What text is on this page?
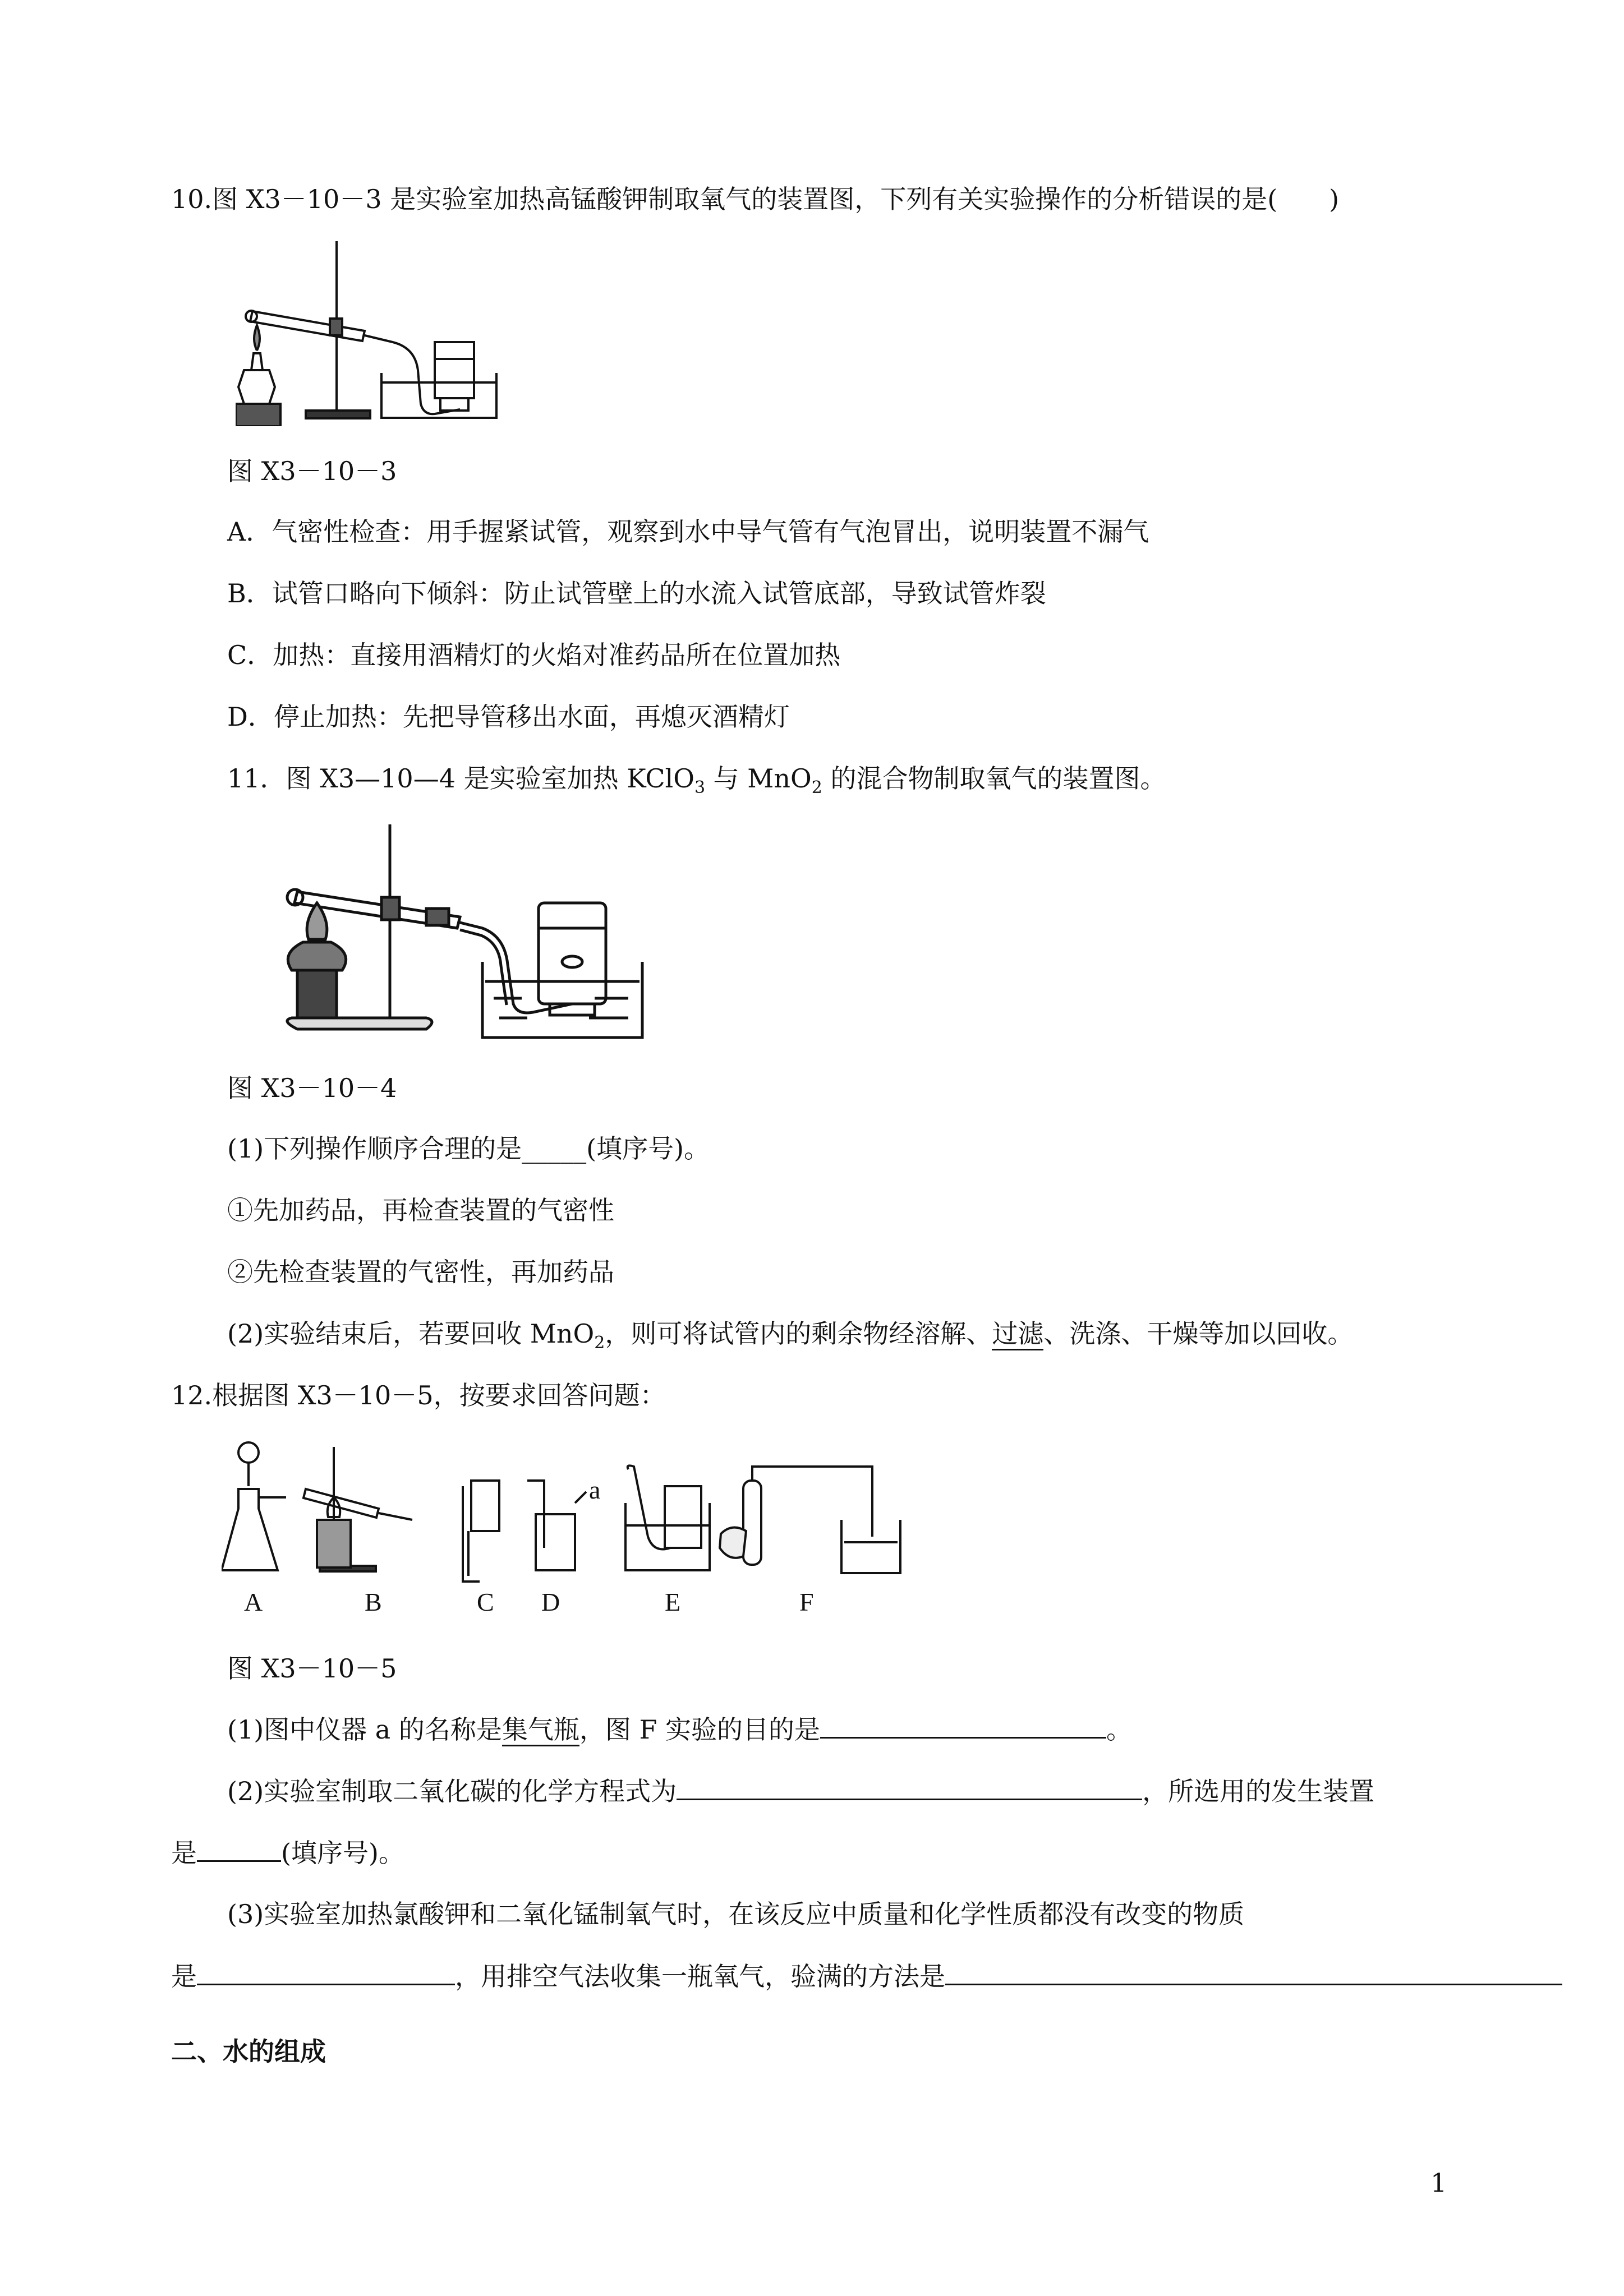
10.图 X3－10－3 是实验室加热高锰酸钾制取氧气的装置图，下列有关实验操作的分析错误的是(　　)
图 X3－10－3
A．气密性检查：用手握紧试管，观察到水中导气管有气泡冒出，说明装置不漏气
B．试管口略向下倾斜：防止试管壁上的水流入试管底部，导致试管炸裂
C．加热：直接用酒精灯的火焰对准药品所在位置加热
D．停止加热：先把导管移出水面，再熄灭酒精灯
11．图 X3—10—4 是实验室加热 KClO$_3$ 与 MnO$_2$ 的混合物制取氧气的装置图。
图 X3－10－4
(1)下列操作顺序合理的是_____(填序号)。
①先加药品，再检查装置的气密性
②先检查装置的气密性，再加药品
(2)实验结束后，若要回收 MnO$_2$，则可将试管内的剩余物经溶解、过滤、洗涤、干燥等加以回收。
12.根据图 X3－10－5，按要求回答问题：
A	B	C D	E	F
a
图 X3－10－5
(1)图中仪器 a 的名称是集气瓶，图 F 实验的目的是	。
(2)实验室制取二氧化碳的化学方程式为	，所选用的发生装置
是	(填序号)。
(3)实验室加热氯酸钾和二氧化锰制氧气时，在该反应中质量和化学性质都没有改变的物质
是	，用排空气法收集一瓶氧气，验满的方法是
二、水的组成
1
